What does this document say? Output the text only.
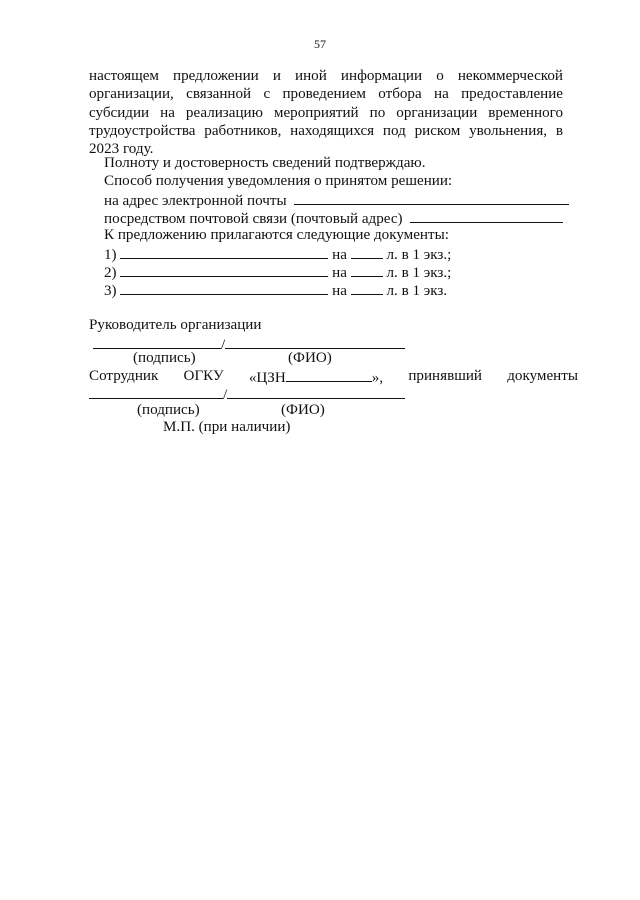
57

настоящем предложении и иной информации о некоммерческой организации, связанной с проведением отбора на предоставление субсидии на реализацию мероприятий по организации временного трудоустройства работников, находящихся под риском увольнения, в 2023 году.

Полноту и достоверность сведений подтверждаю.
Способ получения уведомления о принятом решении:
на адрес электронной почты
посредством почтовой связи (почтовый адрес)
К предложению прилагаются следующие документы:
1)	на	л. в 1 экз.;
2)	на	л. в 1 экз.;
3)	на	л. в 1 экз.
Руководитель организации
/
(подпись)	(ФИО)
Сотрудник ОГКУ «ЦЗН	», принявший документы
/
(подпись)	(ФИО)
М.П. (при наличии)
